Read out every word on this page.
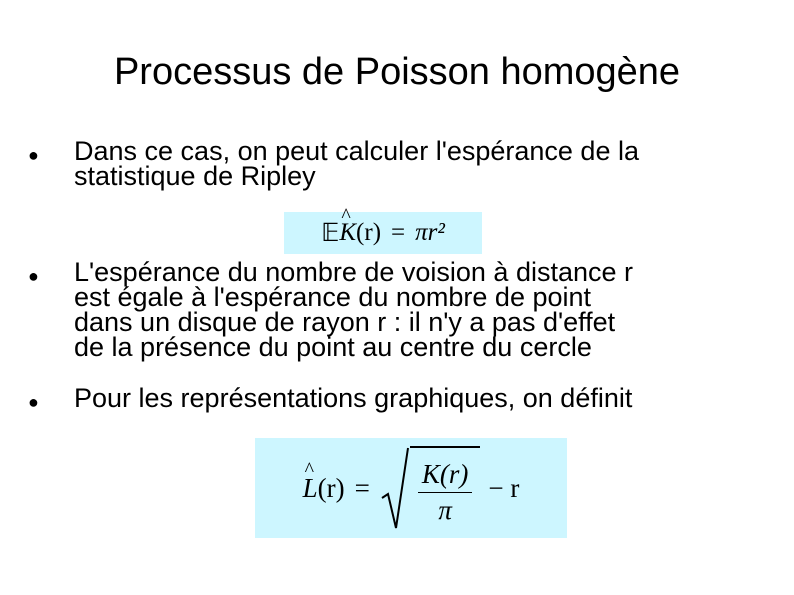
Processus de Poisson homogène
● Dans ce cas, on peut calculer l'espérance de la
statistique de Ripley
● L'espérance du nombre de voision à distance r
est égale à l'espérance du nombre de point
dans un disque de rayon r : il n'y a pas d'effet
de la présence du point au centre du cercle
● Pour les représentations graphiques, on définit
𝔼
^ K (r) = πr²
^ L $(r) = \frac{K(r)}{\pi} - r$
